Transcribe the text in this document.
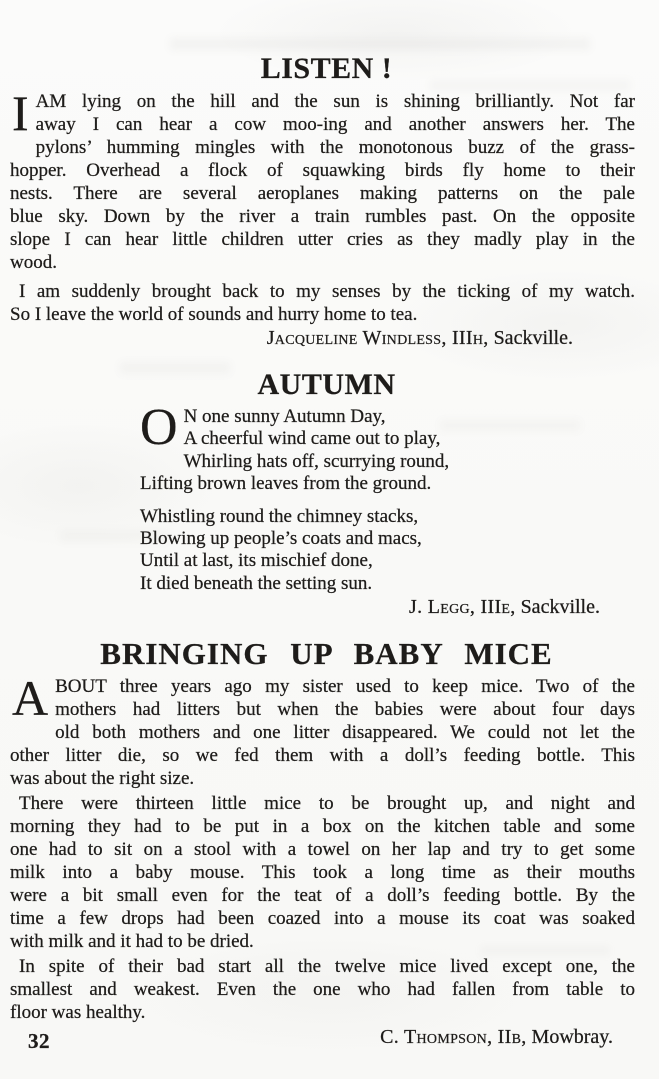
LISTEN !
I AM lying on the hill and the sun is shining brilliantly. Not far
away I can hear a cow moo-ing and another answers her. The
pylons’ humming mingles with the monotonous buzz of the grass-
hopper. Overhead a flock of squawking birds fly home to their
nests. There are several aeroplanes making patterns on the pale
blue sky. Down by the river a train rumbles past. On the opposite
slope I can hear little children utter cries as they madly play in the
wood.
I am suddenly brought back to my senses by the ticking of my watch.
So I leave the world of sounds and hurry home to tea.
Jacqueline Windless, IIIh, Sackville.
AUTUMN
O N one sunny Autumn Day,
A cheerful wind came out to play,
Whirling hats off, scurrying round,
Lifting brown leaves from the ground.
Whistling round the chimney stacks,
Blowing up people’s coats and macs,
Until at last, its mischief done,
It died beneath the setting sun.
J. Legg, IIIe, Sackville.
BRINGING UP BABY MICE
A BOUT three years ago my sister used to keep mice. Two of the
mothers had litters but when the babies were about four days
old both mothers and one litter disappeared. We could not let the
other litter die, so we fed them with a doll’s feeding bottle. This
was about the right size.
There were thirteen little mice to be brought up, and night and
morning they had to be put in a box on the kitchen table and some
one had to sit on a stool with a towel on her lap and try to get some
milk into a baby mouse. This took a long time as their mouths
were a bit small even for the teat of a doll’s feeding bottle. By the
time a few drops had been coazed into a mouse its coat was soaked
with milk and it had to be dried.
In spite of their bad start all the twelve mice lived except one, the
smallest and weakest. Even the one who had fallen from table to
floor was healthy.
C. Thompson, IIb, Mowbray.
32
